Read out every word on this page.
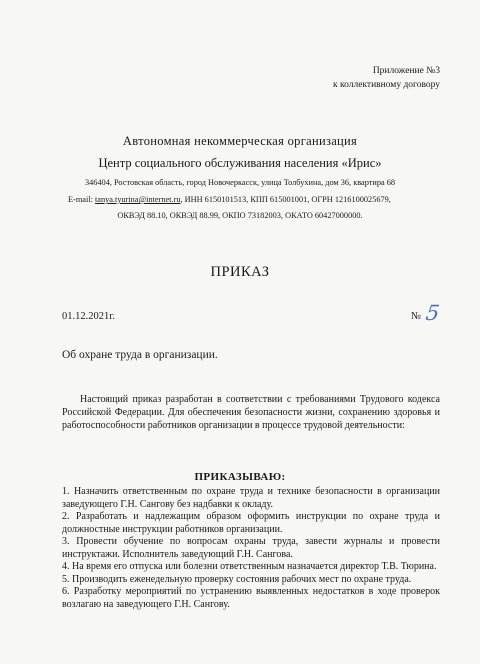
Приложение №3
к коллективному договору
Автономная некоммерческая организация
Центр социального обслуживания населения «Ирис»
346404, Ростовская область, город Новочеркасск, улица Толбухина, дом 36, квартира 68
E-mail: tanya.tyurina@internet.ru, ИНН 6150101513, КПП 615001001, ОГРН 1216100025679,
ОКВЭД 88.10, ОКВЭД 88.99, ОКПО 73182003, ОКАТО 60427000000.
ПРИКАЗ
01.12.2021г.	№ 5
Об охране труда в организации.
Настоящий приказ разработан в соответствии с требованиями Трудового кодекса Российской Федерации. Для обеспечения безопасности жизни, сохранению здоровья и работоспособности работников организации в процессе трудовой деятельности:
ПРИКАЗЫВАЮ:
1. Назначить ответственным по охране труда и технике безопасности в организации заведующего Г.Н. Сангову без надбавки к окладу.
2. Разработать и надлежащим образом оформить инструкции по охране труда и должностные инструкции работников организации.
3. Провести обучение по вопросам охраны труда, завести журналы и провести инструктажи. Исполнитель заведующий Г.Н. Сангова.
4. На время его отпуска или болезни ответственным назначается директор Т.В. Тюрина.
5. Производить еженедельную проверку состояния рабочих мест по охране труда.
6. Разработку мероприятий по устранению выявленных недостатков в ходе проверок возлагаю на заведующего Г.Н. Сангову.
